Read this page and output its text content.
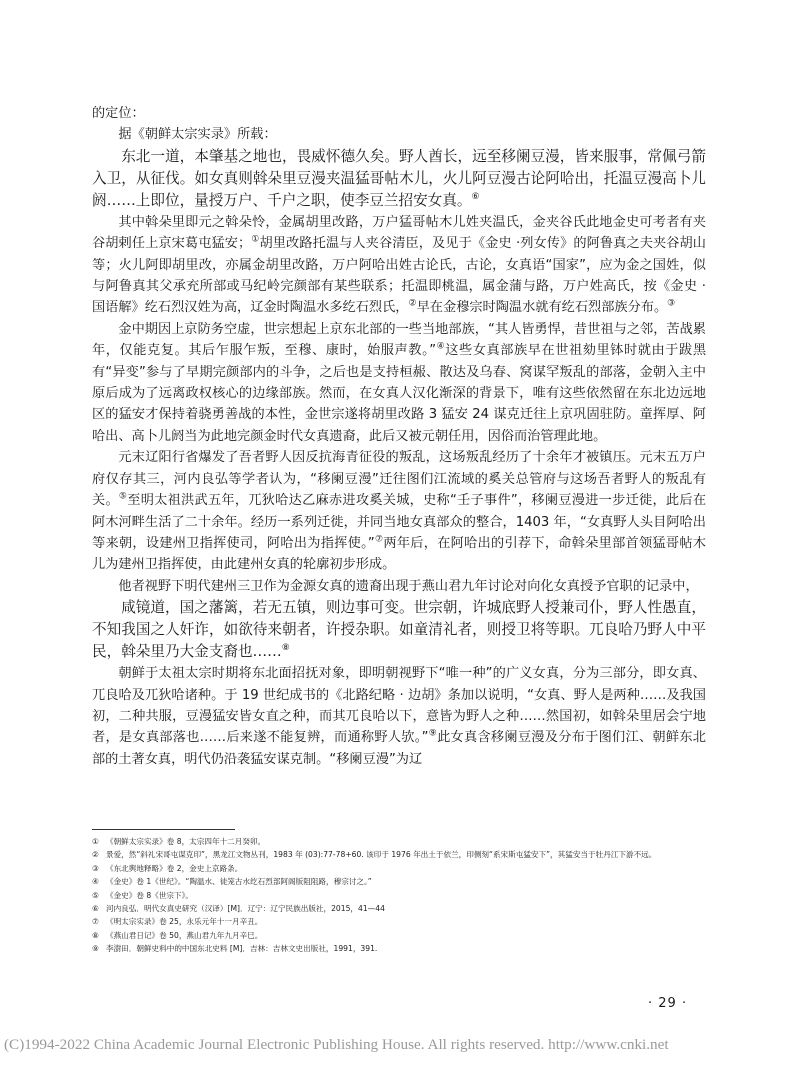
的定位：

据《朝鲜太宗实录》所载：

东北一道，本肇基之地也，畏威怀德久矣。野人酋长，远至移阑豆漫，皆来服事，常佩弓箭入卫，从征伐。如女真则斡朵里豆漫夹温猛哥帖木儿，火儿阿豆漫古论阿哈出，托温豆漫高卜儿阏……上即位，量授万户、千户之职，使李豆兰招安女真。⑥

其中斡朵里即元之斡朵怜，金属胡里改路，万户猛哥帖木儿姓夹温氏，金夹谷氏此地金史可考者有夹谷胡剌任上京宋葛屯猛安；①胡里改路托温与人夹谷清臣，及见于《金史 ·列女传》的阿鲁真之夫夹谷胡山等；火儿阿即胡里改，亦属金胡里改路，万户阿哈出姓古论氏，古论，女真语“国家”，应为金之国姓，似与阿鲁真其父承充所部或马纪岭完颜部有某些联系；托温即桃温，属金蒲与路，万户姓高氏，按《金史 · 国语解》纥石烈汉姓为高，辽金时陶温水多纥石烈氏，②早在金穆宗时陶温水就有纥石烈部族分布。③

金中期因上京防务空虚，世宗想起上京东北部的一些当地部族，“其人皆勇悍，昔世祖与之邻，苦战累年，仅能克复。其后乍服乍叛，至穆、康时，始服声教。”④这些女真部族早在世祖劾里钵时就由于跋黑有“异变”参与了早期完颜部内的斗争，之后也是支持桓赧、散达及乌春、窝谋罕叛乱的部落，金朝入主中原后成为了远离政权核心的边缘部族。然而，在女真人汉化渐深的背景下，唯有这些依然留在东北边远地区的猛安才保持着骁勇善战的本性，金世宗遂将胡里改路 3 猛安 24 谋克迁往上京巩固驻防。童挥厚、阿哈出、高卜儿阏当为此地完颜金时代女真遗裔，此后又被元朝任用，因俗而治管理此地。

元末辽阳行省爆发了吾者野人因反抗海青征役的叛乱，这场叛乱经历了十余年才被镇压。元末五万户府仅存其三，河内良弘等学者认为，“移阑豆漫”迁往图们江流域的奚关总管府与这场吾者野人的叛乱有关。⑤至明太祖洪武五年，兀狄哈达乙麻赤进攻奚关城，史称“壬子事件”，移阑豆漫进一步迁徙，此后在阿木河畔生活了二十余年。经历一系列迁徙，并同当地女真部众的整合，1403 年，“女真野人头目阿哈出等来朝，设建州卫指挥使司，阿哈出为指挥使。”⑦两年后，在阿哈出的引荐下，命斡朵里部首领猛哥帖木儿为建州卫指挥使，由此建州女真的轮廓初步形成。

他者视野下明代建州三卫作为金源女真的遗裔出现于燕山君九年讨论对向化女真授予官职的记录中，

咸镜道，国之藩篱，若无五镇，则边事可变。世宗朝，许城底野人授兼司仆，野人性愚直，不知我国之人奸诈，如欲待来朝者，许授杂职。如童清礼者，则授卫将等职。兀良哈乃野人中平民，斡朵里乃大金支裔也……⑧

朝鲜于太祖太宗时期将东北面招抚对象，即明朝视野下“唯一种”的广义女真，分为三部分，即女真、兀良哈及兀狄哈诸种。于 19 世纪成书的《北路纪略 · 边胡》条加以说明，“女真、野人是两种……及我国初，二种共服，豆漫猛安皆女直之种，而其兀良哈以下，意皆为野人之种……然国初，如斡朵里居会宁地者，是女真部落也……后来遂不能复辨，而通称野人欤。”⑨此女真含移阑豆漫及分布于图们江、朝鲜东北部的土著女真，明代仍沿袭猛安谋克制。“移阑豆漫”为辽

① 《朝鲜太宗实录》卷 8，太宗四年十二月癸卯。
② 景爱，然“斜礼宋哥屯谋克印”，黑龙江文物丛刊，1983 年 (03):77-78+60. 该印于 1976 年出土于依兰，印侧刻“系宋斯屯猛安下”，其猛安当于牡丹江下游不远。
③ 《东北舆地释略》卷 2，金史上京路条。
④ 《金史》卷 1《世纪》。“陶温水、徒笼古水纥石烈部阿阁版阻阻路，穆宗讨之。”
⑤ 《金史》卷 8《世宗下》。
⑥ 河内良弘．明代女真史研究（汉译）[M]．辽宁：辽宁民族出版社，2015，41—44
⑦ 《明太宗实录》卷 25，永乐元年十一月辛丑。
⑧ 《燕山君日记》卷 50，燕山君九年九月辛巳。
⑨ 李澍田．朝鲜史料中的中国东北史料 [M]．吉林：吉林文史出版社，1991，391.
· 29 ·
(C)1994-2022 China Academic Journal Electronic Publishing House. All rights reserved. http://www.cnki.net
